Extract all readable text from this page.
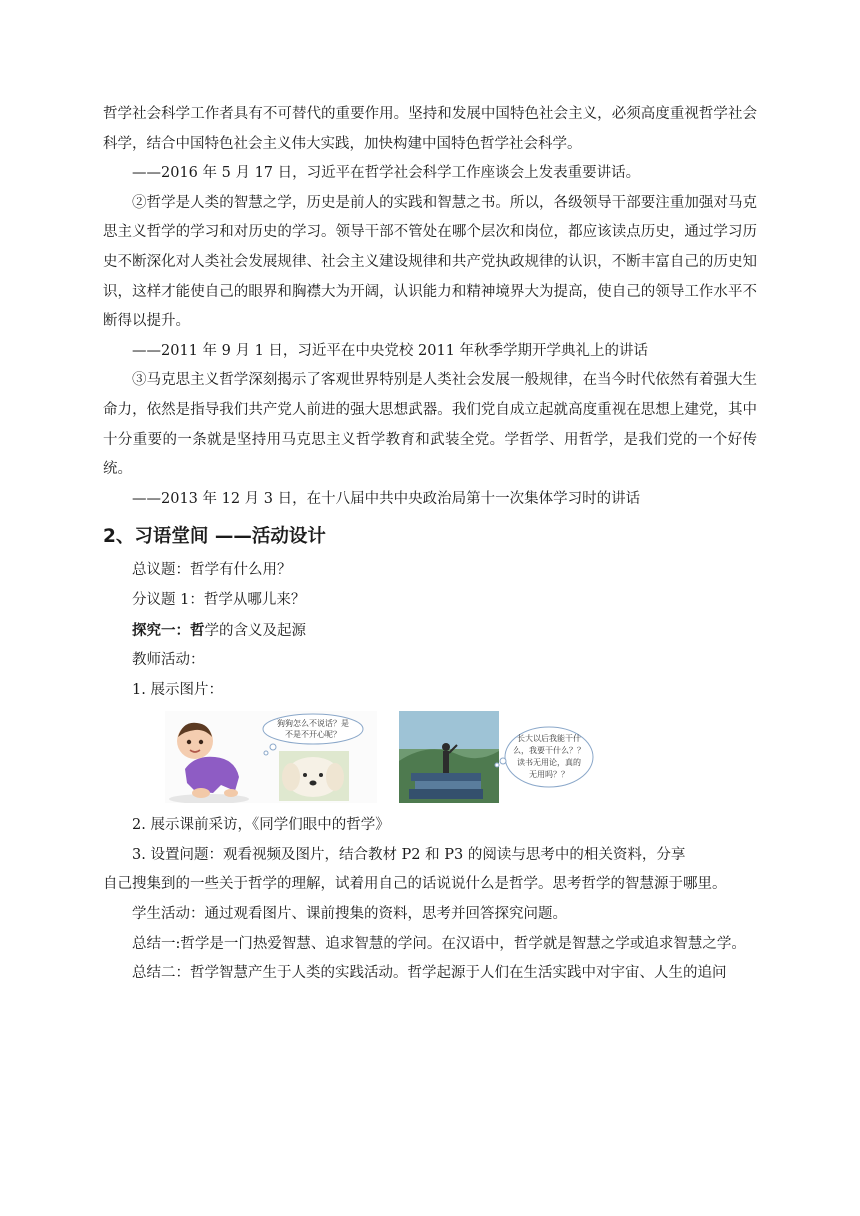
哲学社会科学工作者具有不可替代的重要作用。坚持和发展中国特色社会主义，必须高度重视哲学社会科学，结合中国特色社会主义伟大实践，加快构建中国特色哲学社会科学。

——2016 年 5 月 17 日，习近平在哲学社会科学工作座谈会上发表重要讲话。

②哲学是人类的智慧之学，历史是前人的实践和智慧之书。所以，各级领导干部要注重加强对马克思主义哲学的学习和对历史的学习。领导干部不管处在哪个层次和岗位，都应该读点历史，通过学习历史不断深化对人类社会发展规律、社会主义建设规律和共产党执政规律的认识，不断丰富自己的历史知识，这样才能使自己的眼界和胸襟大为开阔，认识能力和精神境界大为提高，使自己的领导工作水平不断得以提升。

——2011 年 9 月 1 日，习近平在中央党校 2011 年秋季学期开学典礼上的讲话

③马克思主义哲学深刻揭示了客观世界特别是人类社会发展一般规律，在当今时代依然有着强大生命力，依然是指导我们共产党人前进的强大思想武器。我们党自成立起就高度重视在思想上建党，其中十分重要的一条就是坚持用马克思主义哲学教育和武装全党。学哲学、用哲学，是我们党的一个好传统。

——2013 年 12 月 3 日，在十八届中共中央政治局第十一次集体学习时的讲话

2、习语堂间 ——活动设计

总议题：哲学有什么用？

分议题 1：哲学从哪儿来？

探究一：哲学的含义及起源

教师活动：

1. 展示图片：

狗狗怎么不说话？是
不是不开心呢？	长大以后我能干什
么，我要干什么？？
读书无用论，真的
无用吗？？

2. 展示课前采访，《同学们眼中的哲学》

3. 设置问题：观看视频及图片，结合教材 P2 和 P3 的阅读与思考中的相关资料，分享

自己搜集到的一些关于哲学的理解，试着用自己的话说说什么是哲学。思考哲学的智慧源于哪里。

学生活动：通过观看图片、课前搜集的资料，思考并回答探究问题。

总结一:哲学是一门热爱智慧、追求智慧的学问。在汉语中，哲学就是智慧之学或追求智慧之学。

总结二：哲学智慧产生于人类的实践活动。哲学起源于人们在生活实践中对宇宙、人生的追问
